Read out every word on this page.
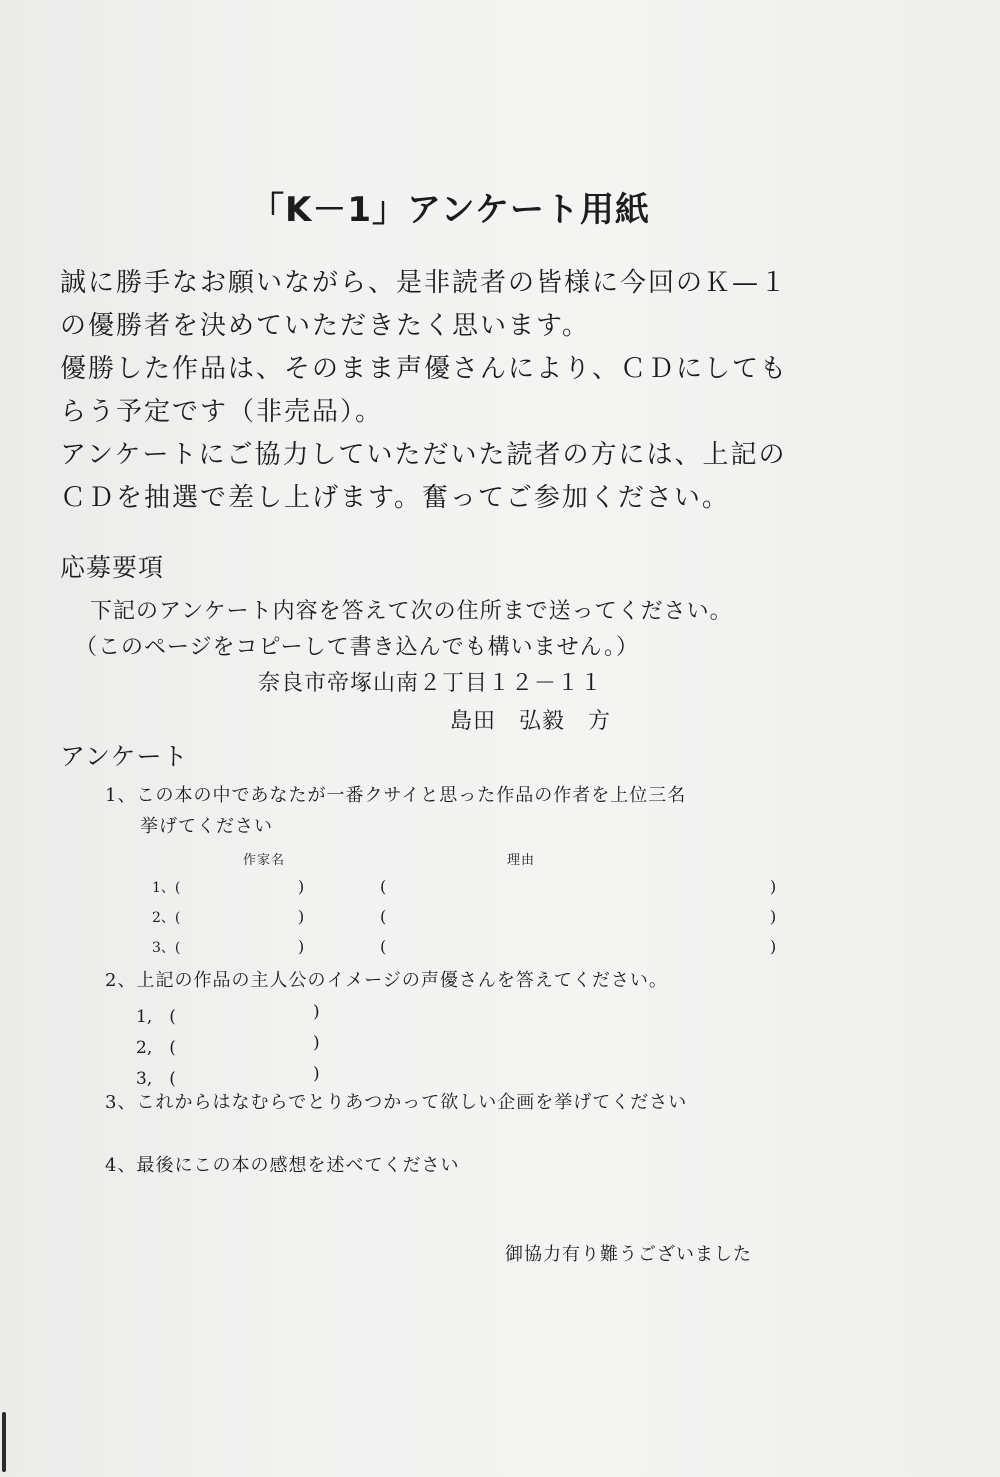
「K－1」アンケート用紙
誠に勝手なお願いながら、是非読者の皆様に今回のＫ—１
の優勝者を決めていただきたく思います。
優勝した作品は、そのまま声優さんにより、ＣＤにしても
らう予定です（非売品）。
アンケートにご協力していただいた読者の方には、上記の
ＣＤを抽選で差し上げます。奮ってご参加ください。
応募要項
下記のアンケート内容を答えて次の住所まで送ってください。
（このページをコピーして書き込んでも構いません。）
奈良市帝塚山南２丁目１２－１１
島田　弘毅　方
アンケート
1、この本の中であなたが一番クサイと思った作品の作者を上位三名
挙げてください
作家名	理由
1、(	)	(	)
2、(	)	(	)
3、(	)	(	)
2、上記の作品の主人公のイメージの声優さんを答えてください。
1,　(	)
2,　(	)
3,　(	)
3、これからはなむらでとりあつかって欲しい企画を挙げてください
4、最後にこの本の感想を述べてください
御協力有り難うございました
